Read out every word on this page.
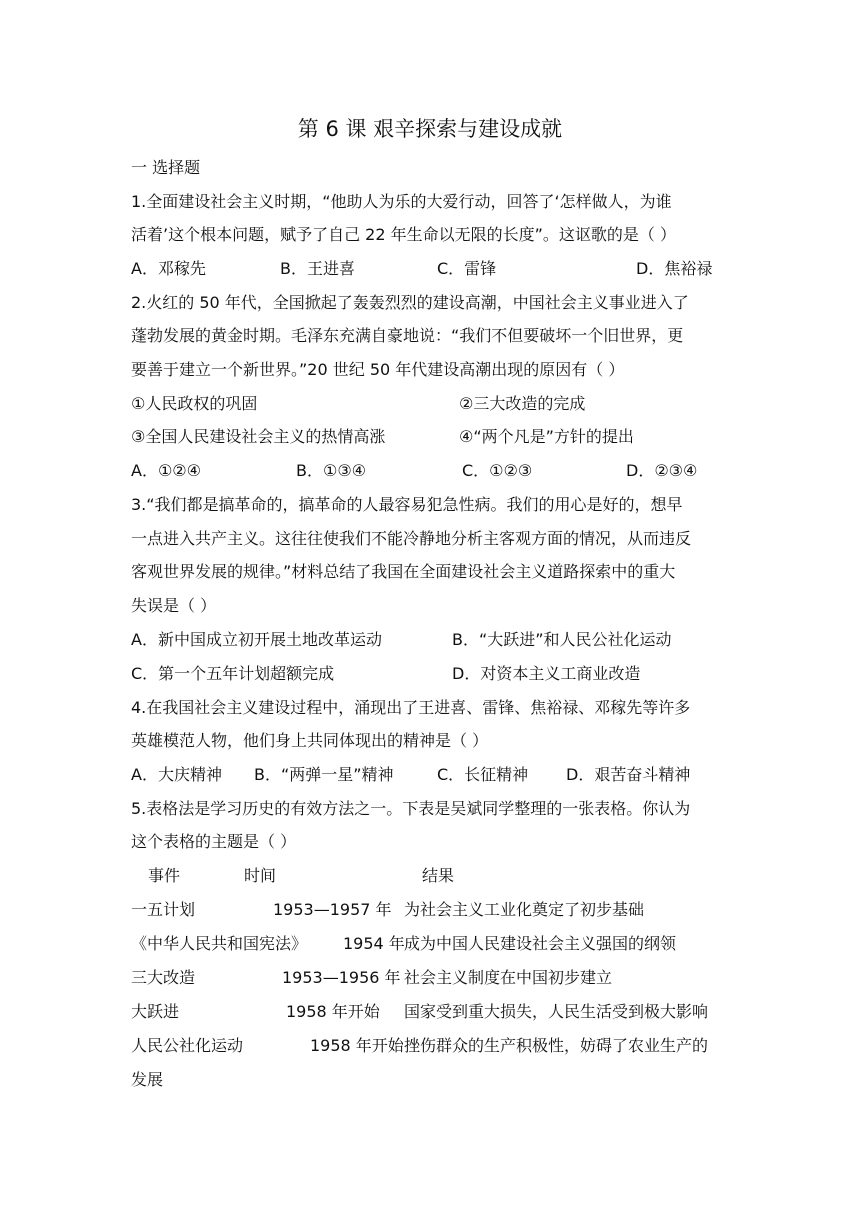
第 6 课 艰辛探索与建设成就
一 选择题
1.全面建设社会主义时期，“他助人为乐的大爱行动，回答了‘怎样做人，为谁
活着’这个根本问题，赋予了自己 22 年生命以无限的长度”。这讴歌的是（ ）
A．邓稼先	B．王进喜	C．雷锋	D．焦裕禄
2.火红的 50 年代，全国掀起了轰轰烈烈的建设高潮，中国社会主义事业进入了
蓬勃发展的黄金时期。毛泽东充满自豪地说：“我们不但要破坏一个旧世界，更
要善于建立一个新世界。”20 世纪 50 年代建设高潮出现的原因有（ ）
①人民政权的巩固	②三大改造的完成
③全国人民建设社会主义的热情高涨	④“两个凡是”方针的提出
A．①②④	B．①③④	C．①②③	D．②③④
3.“我们都是搞革命的，搞革命的人最容易犯急性病。我们的用心是好的，想早
一点进入共产主义。这往往使我们不能冷静地分析主客观方面的情况，从而违反
客观世界发展的规律。”材料总结了我国在全面建设社会主义道路探索中的重大
失误是（ ）
A．新中国成立初开展土地改革运动	B．“大跃进”和人民公社化运动
C．第一个五年计划超额完成	D．对资本主义工商业改造
4.在我国社会主义建设过程中，涌现出了王进喜、雷锋、焦裕禄、邓稼先等许多
英雄模范人物，他们身上共同体现出的精神是（ ）
A．大庆精神 B．“两弹一星”精神	C．长征精神 D．艰苦奋斗精神
5.表格法是学习历史的有效方法之一。下表是吴斌同学整理的一张表格。你认为
这个表格的主题是（ ）
事件	时间	结果
一五计划	1953—1957 年 为社会主义工业化奠定了初步基础
《中华人民共和国宪法》 1954 年 成为中国人民建设社会主义强国的纲领
三大改造	1953—1956 年 社会主义制度在中国初步建立
大跃进	1958 年开始 国家受到重大损失，人民生活受到极大影响
人民公社化运动	1958 年开始 挫伤群众的生产积极性，妨碍了农业生产的
发展
